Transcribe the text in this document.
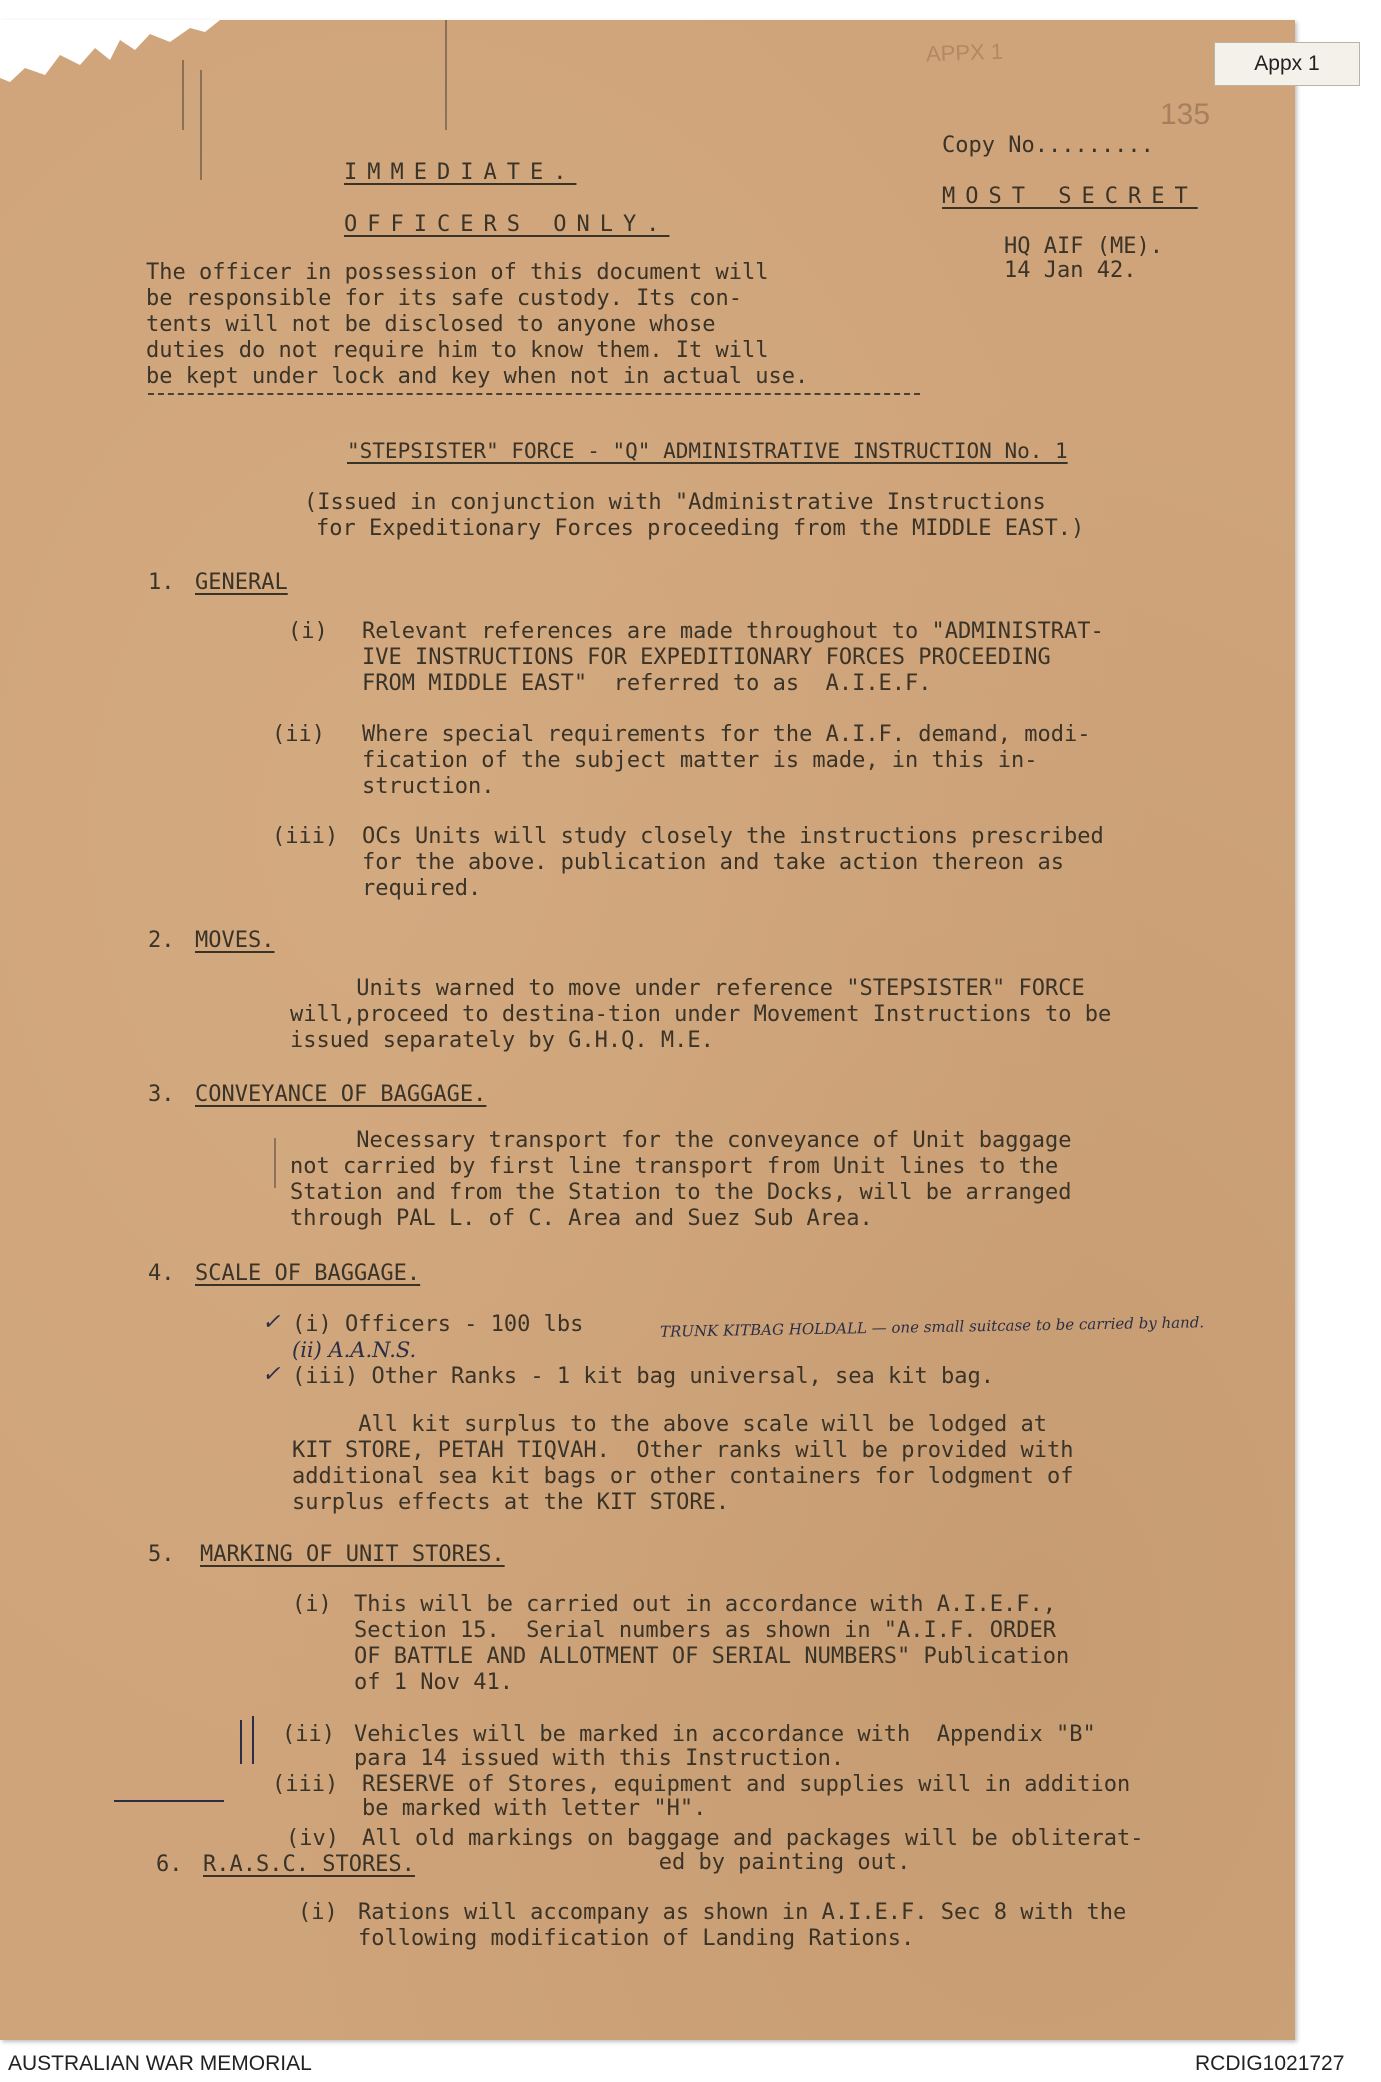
Appx 1
APPX 1
135
IMMEDIATE.
OFFICERS ONLY.
Copy No.........
MOST SECRET
HQ AIF (ME).
14 Jan 42.
The officer in possession of this document will
be responsible for its safe custody. Its con-
tents will not be disclosed to anyone whose
duties do not require him to know them. It will
be kept under lock and key when not in actual use.
"STEPSISTER" FORCE - "Q" ADMINISTRATIVE INSTRUCTION No. 1
(Issued in conjunction with "Administrative Instructions
for Expeditionary Forces proceeding from the MIDDLE EAST.)
1. GENERAL
(i) Relevant references are made throughout to "ADMINISTRAT-
IVE INSTRUCTIONS FOR EXPEDITIONARY FORCES PROCEEDING
FROM MIDDLE EAST"  referred to as  A.I.E.F.
(ii) Where special requirements for the A.I.F. demand, modi-
fication of the subject matter is made, in this in-
struction.
(iii) OCs Units will study closely the instructions prescribed
for the above. publication and take action thereon as
required.
2. MOVES.
Units warned to move under reference "STEPSISTER" FORCE
will,proceed to destina-tion under Movement Instructions to be
issued separately by G.H.Q. M.E.
3. CONVEYANCE OF BAGGAGE.
Necessary transport for the conveyance of Unit baggage
not carried by first line transport from Unit lines to the
Station and from the Station to the Docks, will be arranged
through PAL L. of C. Area and Suez Sub Area.
4. SCALE OF BAGGAGE.
✓ (i) Officers - 100 lbs
(ii) A.A.N.S.
TRUNK KITBAG HOLDALL — one small suitcase to be carried by hand.
✓ (iii) Other Ranks - 1 kit bag universal, sea kit bag.
All kit surplus to the above scale will be lodged at
KIT STORE, PETAH TIQVAH.  Other ranks will be provided with
additional sea kit bags or other containers for lodgment of
surplus effects at the KIT STORE.
5. MARKING OF UNIT STORES.
(i) This will be carried out in accordance with A.I.E.F.,
Section 15.  Serial numbers as shown in "A.I.F. ORDER
OF BATTLE AND ALLOTMENT OF SERIAL NUMBERS" Publication
of 1 Nov 41.
(ii) Vehicles will be marked in accordance with  Appendix "B"
para 14 issued with this Instruction.
(iii) RESERVE of Stores, equipment and supplies will in addition
be marked with letter "H".
(iv) All old markings on baggage and packages will be obliterat-
ed by painting out.
6. R.A.S.C. STORES.
(i) Rations will accompany as shown in A.I.E.F. Sec 8 with the
following modification of Landing Rations.
AUSTRALIAN WAR MEMORIAL	RCDIG1021727
